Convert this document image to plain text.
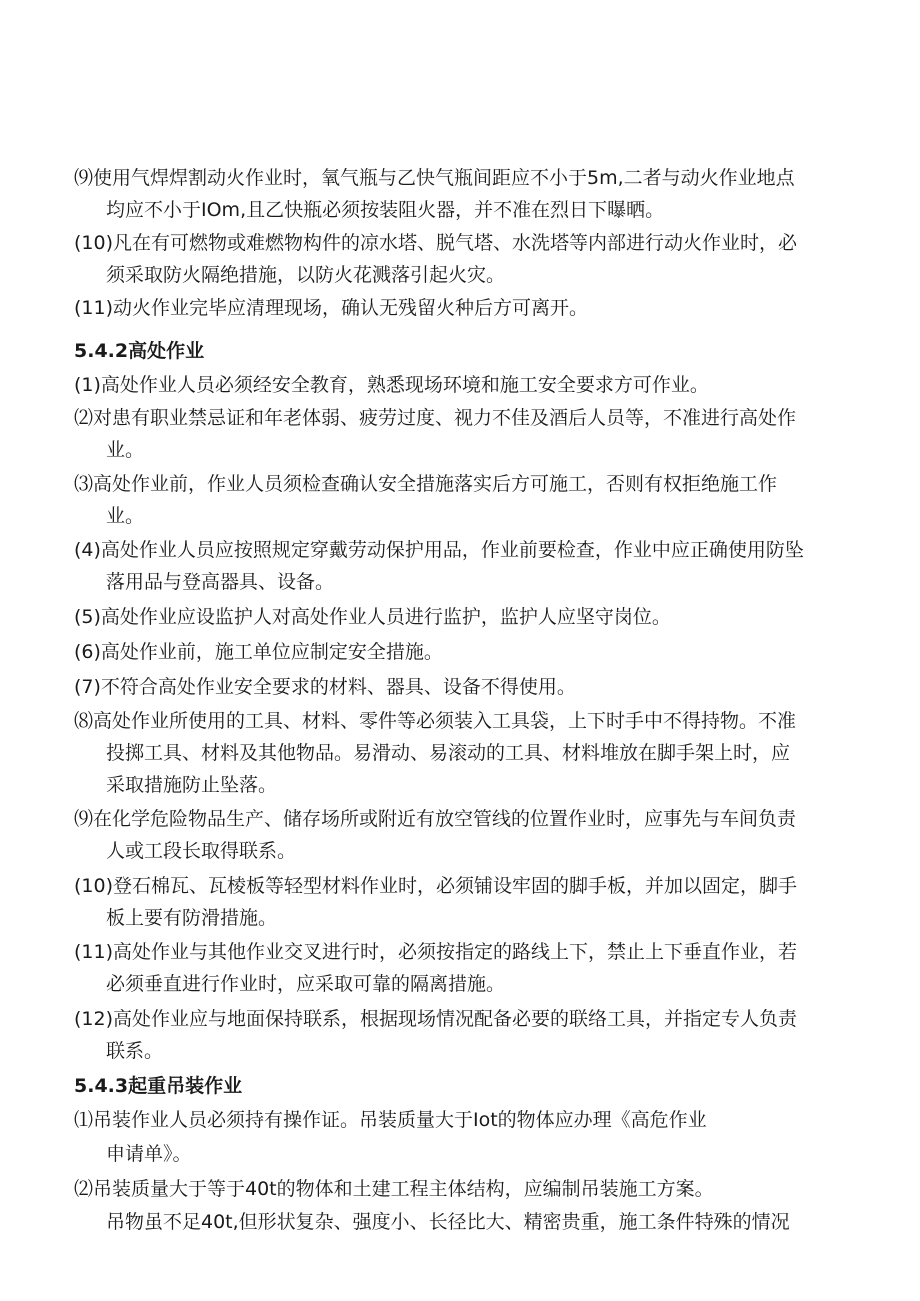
⑼使用气焊焊割动火作业时，氧气瓶与乙快气瓶间距应不小于5m,二者与动火作业地点
均应不小于IOm,且乙快瓶必须按装阻火器，并不准在烈日下曝晒。
(10)凡在有可燃物或难燃物构件的凉水塔、脱气塔、水洗塔等内部进行动火作业时，必
须采取防火隔绝措施，以防火花溅落引起火灾。
(11)动火作业完毕应清理现场，确认无残留火种后方可离开。
5.4.2高处作业
(1)高处作业人员必须经安全教育，熟悉现场环境和施工安全要求方可作业。
⑵对患有职业禁忌证和年老体弱、疲劳过度、视力不佳及酒后人员等，不准进行高处作
业。
⑶高处作业前，作业人员须检查确认安全措施落实后方可施工，否则有权拒绝施工作
业。
(4)高处作业人员应按照规定穿戴劳动保护用品，作业前要检查，作业中应正确使用防坠
落用品与登高器具、设备。
(5)高处作业应设监护人对高处作业人员进行监护，监护人应坚守岗位。
(6)高处作业前，施工单位应制定安全措施。
(7)不符合高处作业安全要求的材料、器具、设备不得使用。
⑻高处作业所使用的工具、材料、零件等必须装入工具袋，上下时手中不得持物。不准
投掷工具、材料及其他物品。易滑动、易滚动的工具、材料堆放在脚手架上时，应
采取措施防止坠落。
⑼在化学危险物品生产、储存场所或附近有放空管线的位置作业时，应事先与车间负责
人或工段长取得联系。
(10)登石棉瓦、瓦棱板等轻型材料作业时，必须铺设牢固的脚手板，并加以固定，脚手
板上要有防滑措施。
(11)高处作业与其他作业交叉进行时，必须按指定的路线上下，禁止上下垂直作业，若
必须垂直进行作业时，应采取可靠的隔离措施。
(12)高处作业应与地面保持联系，根据现场情况配备必要的联络工具，并指定专人负责
联系。
5.4.3起重吊装作业
⑴吊装作业人员必须持有操作证。吊装质量大于Iot的物体应办理《高危作业
申请单》。
⑵吊装质量大于等于40t的物体和土建工程主体结构，应编制吊装施工方案。
吊物虽不足40t,但形状复杂、强度小、长径比大、精密贵重，施工条件特殊的情况
